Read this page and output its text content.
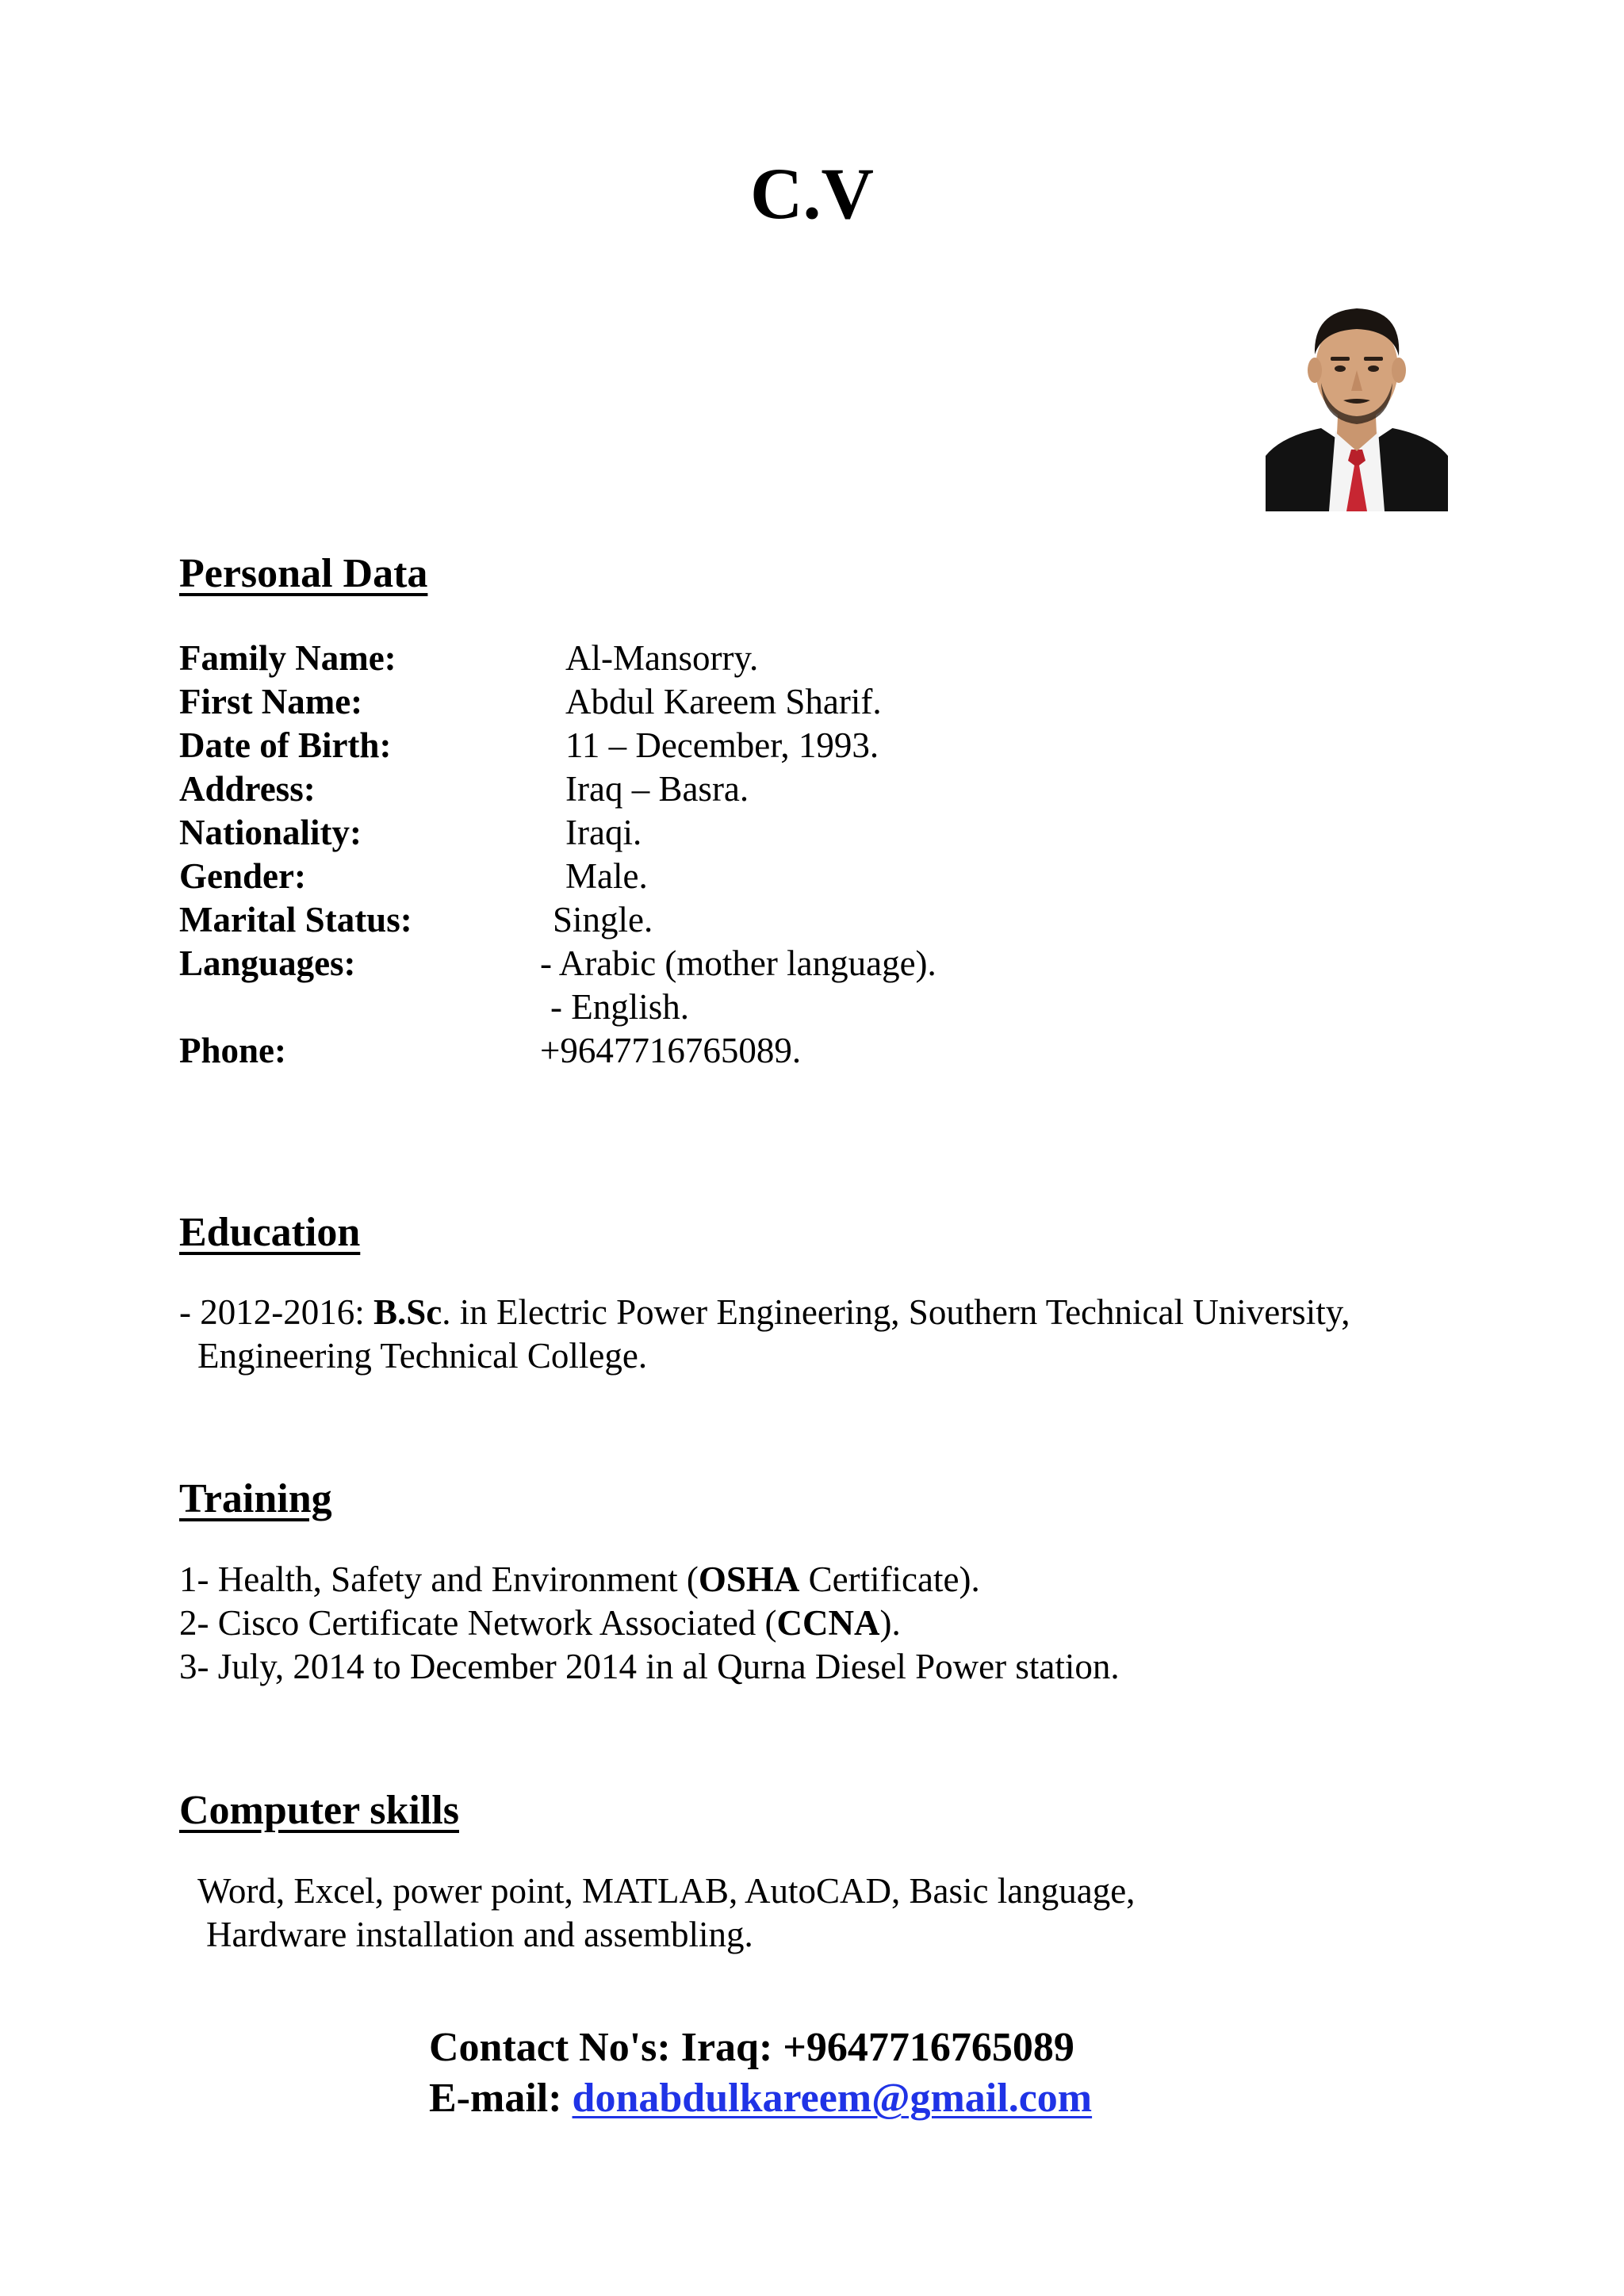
C.V
Personal Data
Family Name:	Al-Mansorry.
First Name:	Abdul Kareem Sharif.
Date of Birth:	11 – December, 1993.
Address:	Iraq – Basra.
Nationality:	Iraqi.
Gender:	Male.
Marital Status:	Single.
Languages:	- Arabic (mother language).
- English.
Phone:	+9647716765089.
Education
- 2012-2016: B.Sc. in Electric Power Engineering, Southern Technical University,
Engineering Technical College.
Training
1- Health, Safety and Environment (OSHA Certificate).
2- Cisco Certificate Network Associated (CCNA).
3- July, 2014 to December 2014 in al Qurna Diesel Power station.
Computer skills
Word, Excel, power point, MATLAB, AutoCAD, Basic language,
Hardware installation and assembling.
Contact No's: Iraq: +9647716765089
E-mail: donabdulkareem@gmail.com
